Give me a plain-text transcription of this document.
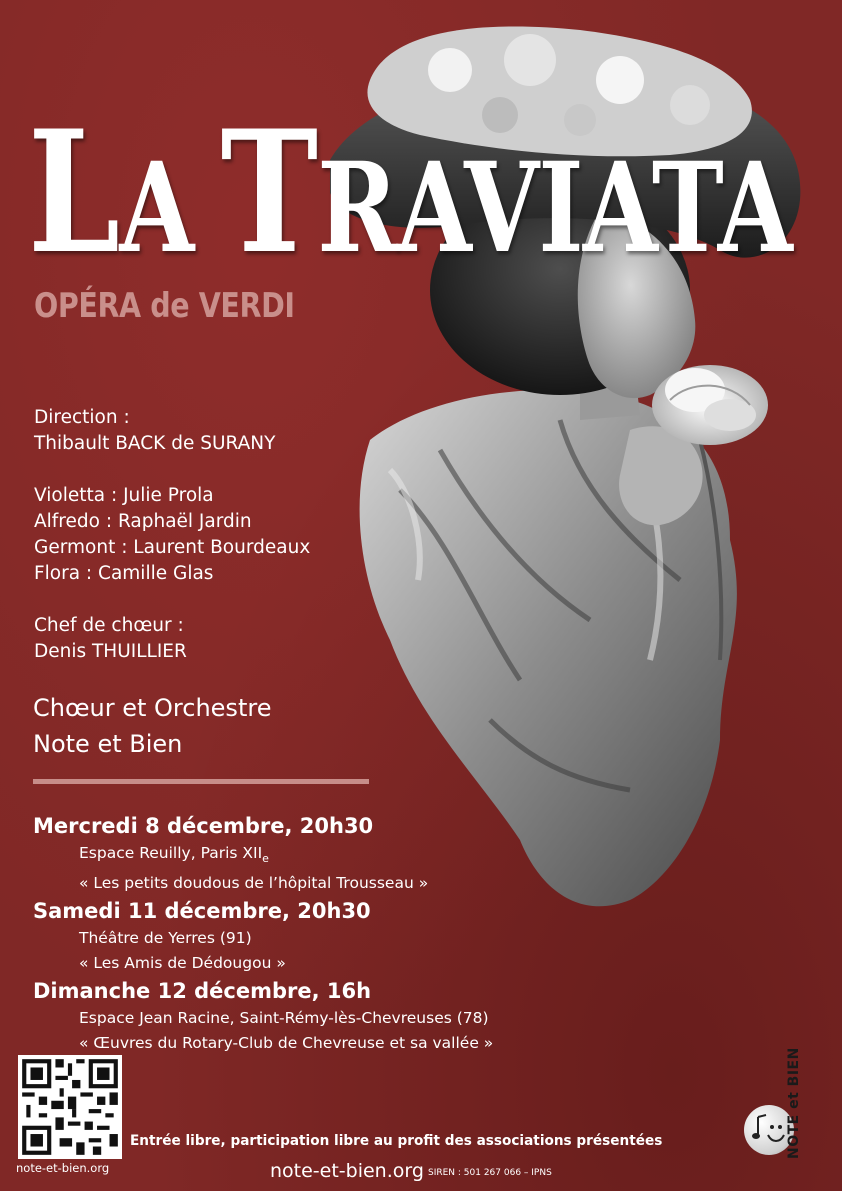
LA TRAVIATA
OPÉRA de VERDI
Direction :
Thibault BACK de SURANY
Violetta : Julie Prola
Alfredo : Raphaël Jardin
Germont : Laurent Bourdeaux
Flora : Camille Glas
Chef de chœur :
Denis THUILLIER
Chœur et Orchestre
Note et Bien
Mercredi 8 décembre, 20h30
Espace Reuilly, Paris $XII_e$
« Les petits doudous de l’hôpital Trousseau »
Samedi 11 décembre, 20h30
Théâtre de Yerres (91)
« Les Amis de Dédougou »
Dimanche 12 décembre, 16h
Espace Jean Racine, Saint-Rémy-lès-Chevreuses (78)
« Œuvres du Rotary-Club de Chevreuse et sa vallée »
note-et-bien.org
Entrée libre, participation libre au profit des associations présentées
note-et-bien.org SIREN : 501 267 066 – IPNS
NOTE et BIEN
